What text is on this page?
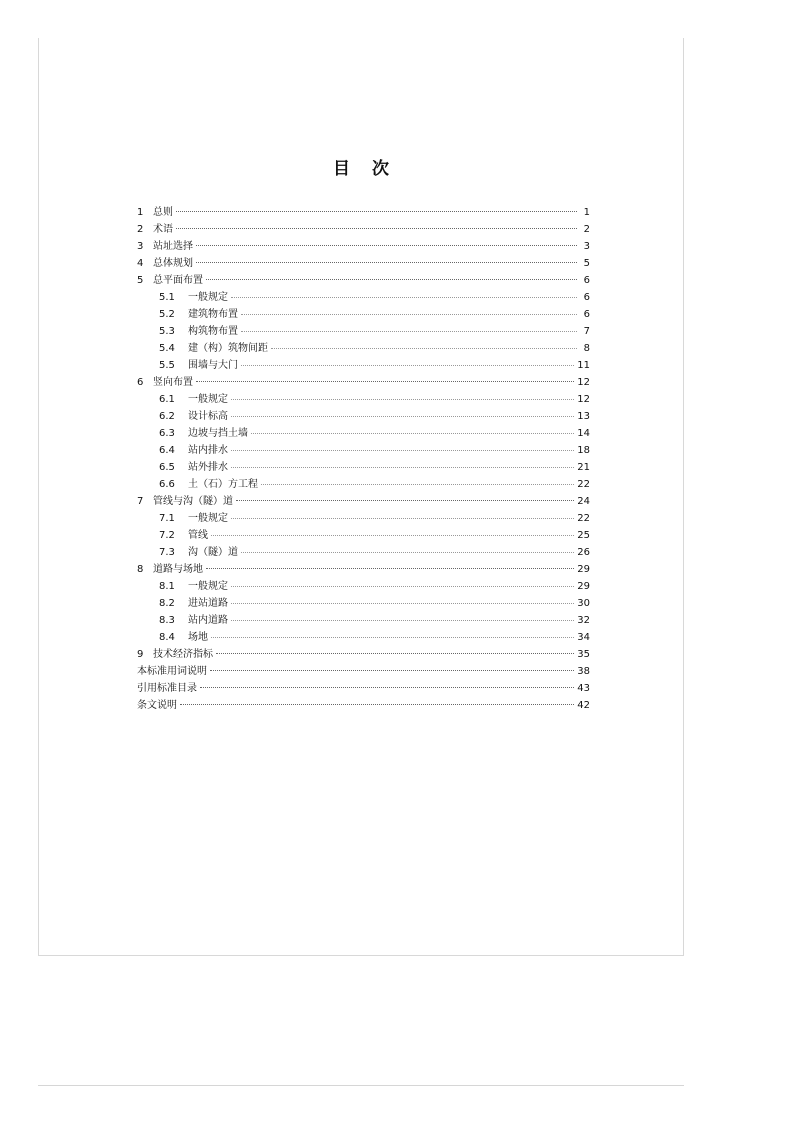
目 次
1 总则	1
2 术语	2
3 站址选择	3
4 总体规划	5
5 总平面布置	6
5.1	一般规定	6
5.2	建筑物布置	6
5.3	构筑物布置	7
5.4	建（构）筑物间距	8
5.5	围墙与大门	11
6 竖向布置	12
6.1	一般规定	12
6.2	设计标高	13
6.3	边坡与挡土墙	14
6.4	站内排水	18
6.5	站外排水	21
6.6	土（石）方工程	22
7 管线与沟（隧）道	24
7.1	一般规定	22
7.2	管线	25
7.3	沟（隧）道	26
8 道路与场地	29
8.1	一般规定	29
8.2	进站道路	30
8.3	站内道路	32
8.4	场地	34
9 技术经济指标	35
本标准用词说明	38
引用标准目录	43
条文说明	42
